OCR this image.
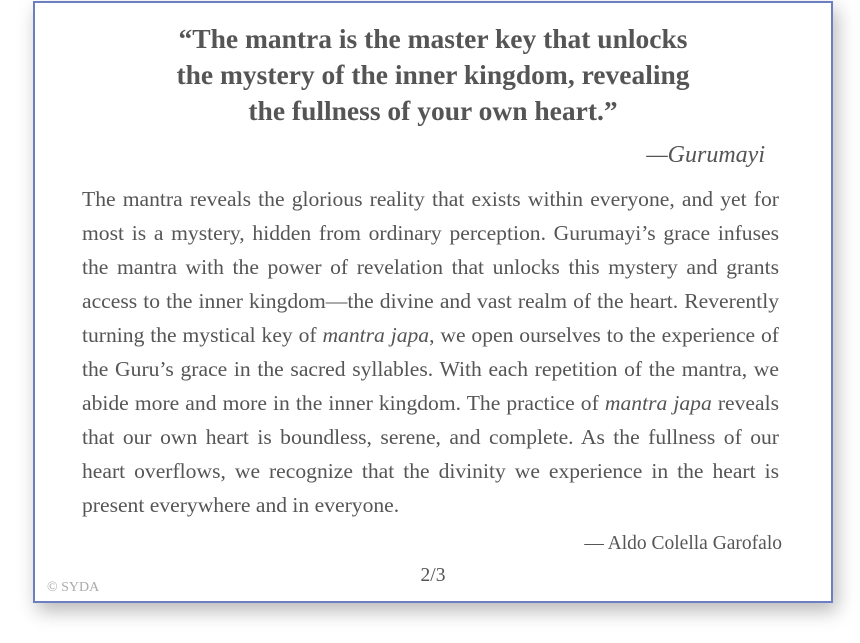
“The mantra is the master key that unlocks
the mystery of the inner kingdom, revealing
the fullness of your own heart.”
—Gurumayi
The mantra reveals the glorious reality that exists within everyone, and yet for most is a mystery, hidden from ordinary perception. Gurumayi’s grace infuses the mantra with the power of revelation that unlocks this mystery and grants access to the inner kingdom—the divine and vast realm of the heart. Reverently turning the mystical key of mantra japa, we open ourselves to the experience of the Guru’s grace in the sacred syllables. With each repetition of the mantra, we abide more and more in the inner kingdom. The practice of mantra japa reveals that our own heart is boundless, serene, and complete. As the fullness of our heart overflows, we recognize that the divinity we experience in the heart is present everywhere and in everyone.
— Aldo Colella Garofalo
2/3
© SYDA
